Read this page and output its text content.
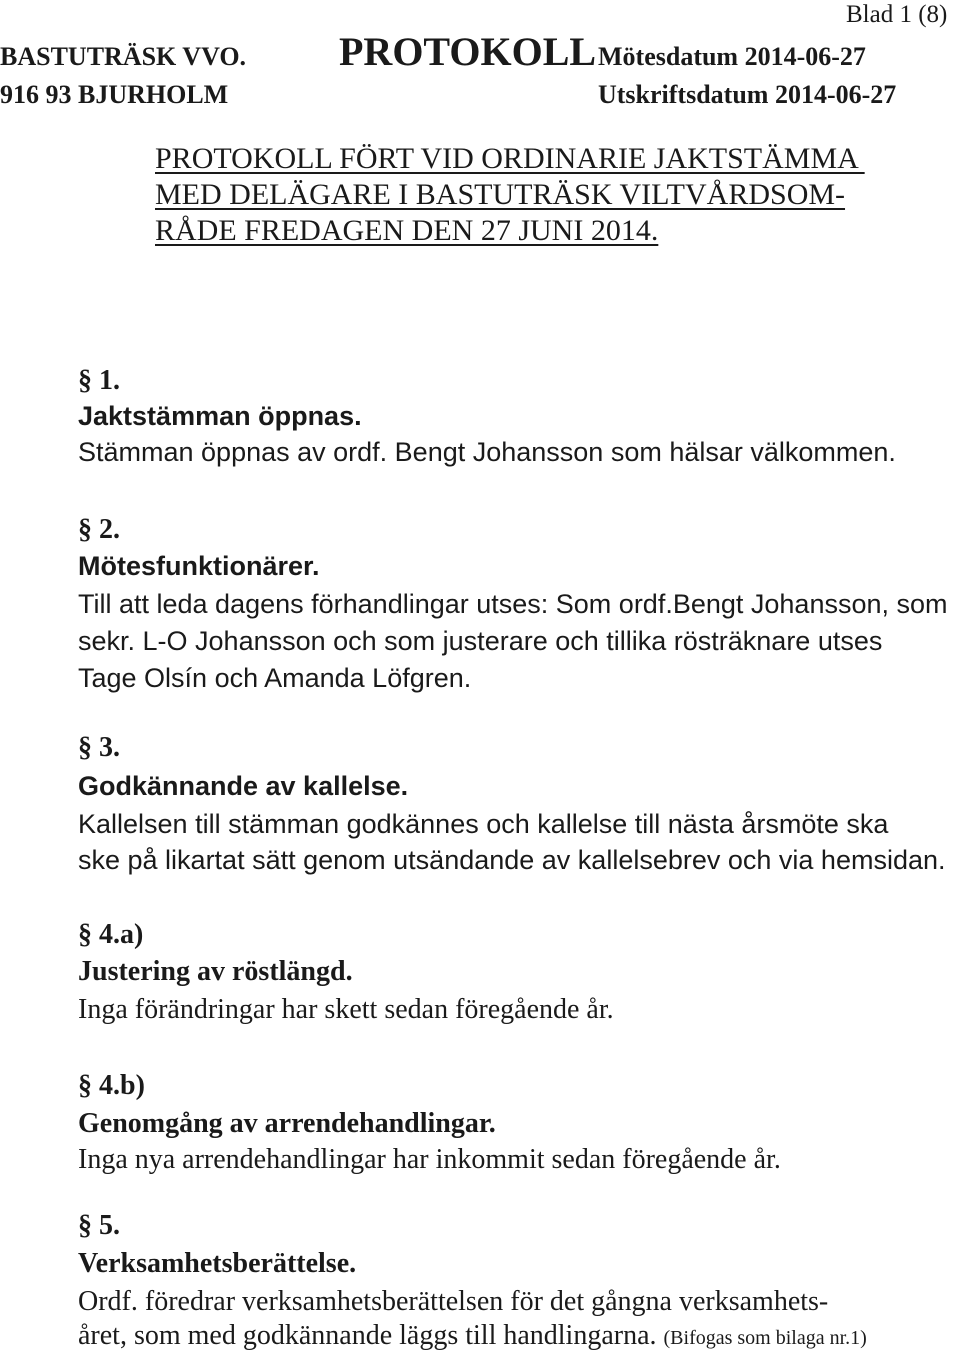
Blad 1 (8)
BASTUTRÄSK VVO. PROTOKOLL Mötesdatum 2014-06-27
916 93 BJURHOLM	Utskriftsdatum 2014-06-27
PROTOKOLL FÖRT VID ORDINARIE JAKTSTÄMMA
MED DELÄGARE I BASTUTRÄSK VILTVÅRDSOM-
RÅDE FREDAGEN DEN 27 JUNI 2014.
§ 1.
Jaktstämman öppnas.
Stämman öppnas av ordf. Bengt Johansson som hälsar välkommen.
§ 2.
Mötesfunktionärer.
Till att leda dagens förhandlingar utses: Som ordf.Bengt Johansson, som
sekr. L-O Johansson och som justerare och tillika rösträknare utses
Tage Olsín och Amanda Löfgren.
§ 3.
Godkännande av kallelse.
Kallelsen till stämman godkännes och kallelse till nästa årsmöte ska
ske på likartat sätt genom utsändande av kallelsebrev och via hemsidan.
§ 4.a)
Justering av röstlängd.
Inga förändringar har skett sedan föregående år.
§ 4.b)
Genomgång av arrendehandlingar.
Inga nya arrendehandlingar har inkommit sedan föregående år.
§ 5.
Verksamhetsberättelse.
Ordf. föredrar verksamhetsberättelsen för det gångna verksamhets-
året, som med godkännande läggs till handlingarna. (Bifogas som bilaga nr.1)
